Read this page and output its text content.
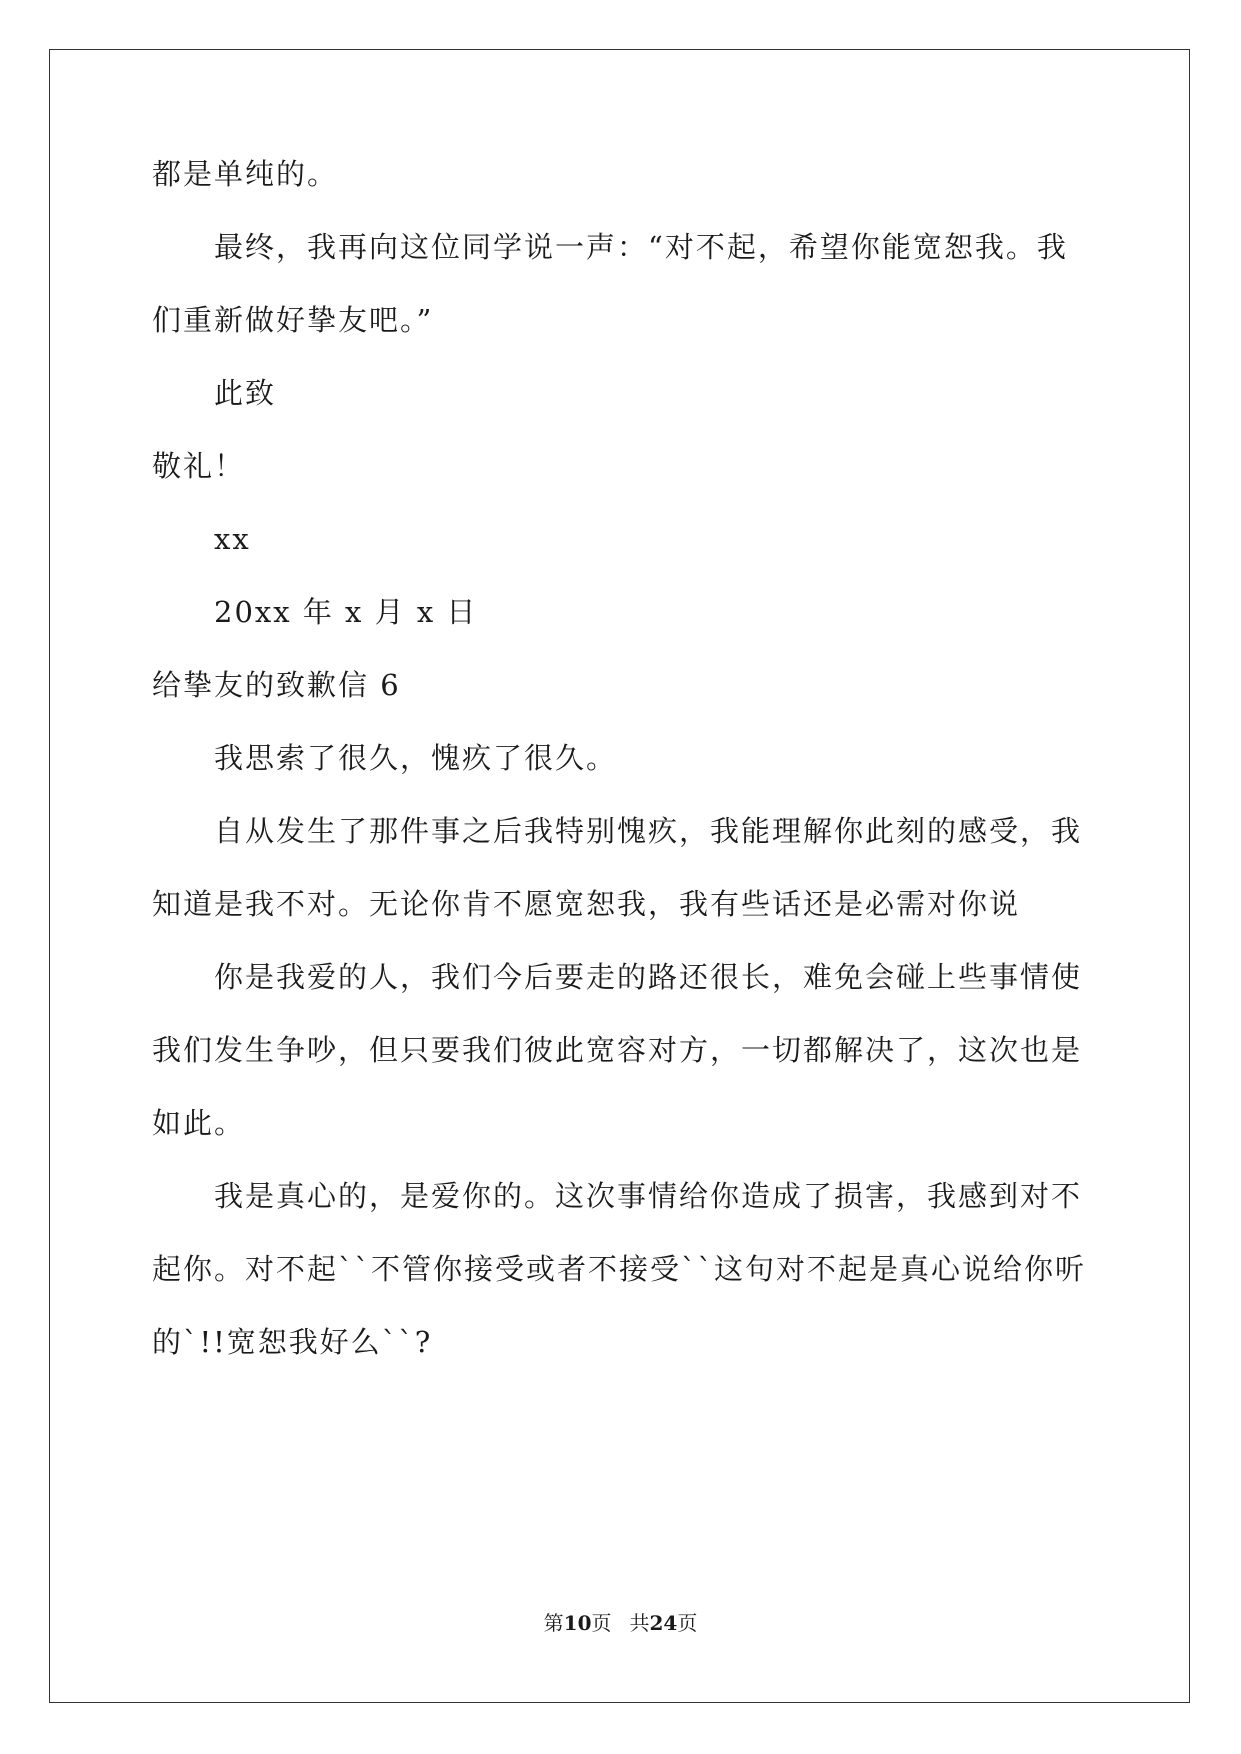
都是单纯的。
最终，我再向这位同学说一声：“对不起，希望你能宽恕我。我
们重新做好挚友吧。”
此致
敬礼！
xx
20xx 年 x 月 x 日
给挚友的致歉信 6
我思索了很久，愧疚了很久。
自从发生了那件事之后我特别愧疚，我能理解你此刻的感受，我
知道是我不对。无论你肯不愿宽恕我，我有些话还是必需对你说
你是我爱的人，我们今后要走的路还很长，难免会碰上些事情使
我们发生争吵，但只要我们彼此宽容对方，一切都解决了，这次也是
如此。
我是真心的，是爱你的。这次事情给你造成了损害，我感到对不
起你。对不起``不管你接受或者不接受``这句对不起是真心说给你听
的`!!宽恕我好么``?
第10页 共24页
